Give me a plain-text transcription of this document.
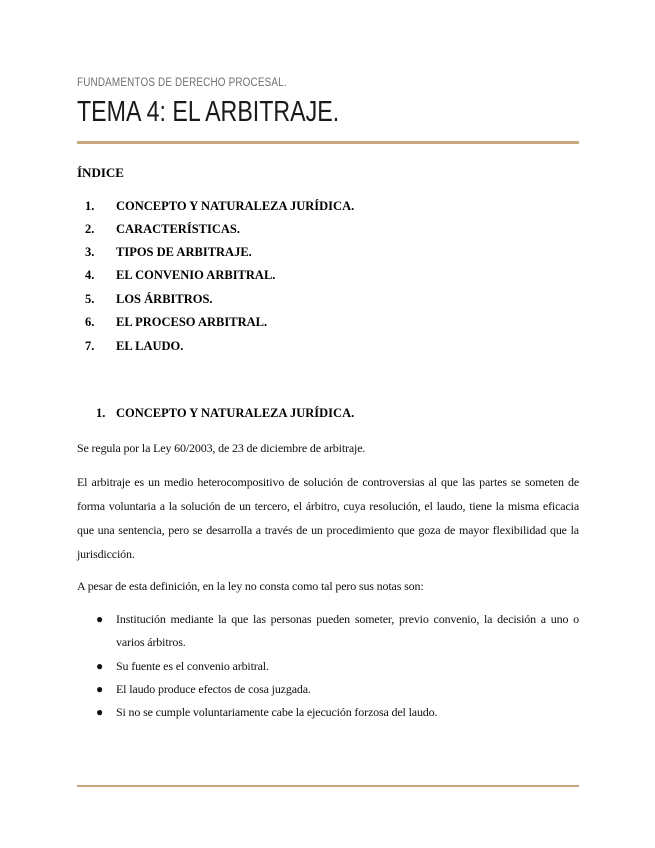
FUNDAMENTOS DE DERECHO PROCESAL.
TEMA 4: EL ARBITRAJE.
ÍNDICE
1.	CONCEPTO Y NATURALEZA JURÍDICA.
2.	CARACTERÍSTICAS.
3.	TIPOS DE ARBITRAJE.
4.	EL CONVENIO ARBITRAL.
5.	LOS ÁRBITROS.
6.	EL PROCESO ARBITRAL.
7.	EL LAUDO.
1. CONCEPTO Y NATURALEZA JURÍDICA.

Se regula por la Ley 60/2003, de 23 de diciembre de arbitraje.

El arbitraje es un medio heterocompositivo de solución de controversias al que las partes se someten de forma voluntaria a la solución de un tercero, el árbitro, cuya resolución, el laudo, tiene la misma eficacia que una sentencia, pero se desarrolla a través de un procedimiento que goza de mayor flexibilidad que la jurisdicción.

A pesar de esta definición, en la ley no consta como tal pero sus notas son:

● Institución mediante la que las personas pueden someter, previo convenio, la decisión a uno o varios árbitros.
● Su fuente es el convenio arbitral.
● El laudo produce efectos de cosa juzgada.
● Si no se cumple voluntariamente cabe la ejecución forzosa del laudo.
